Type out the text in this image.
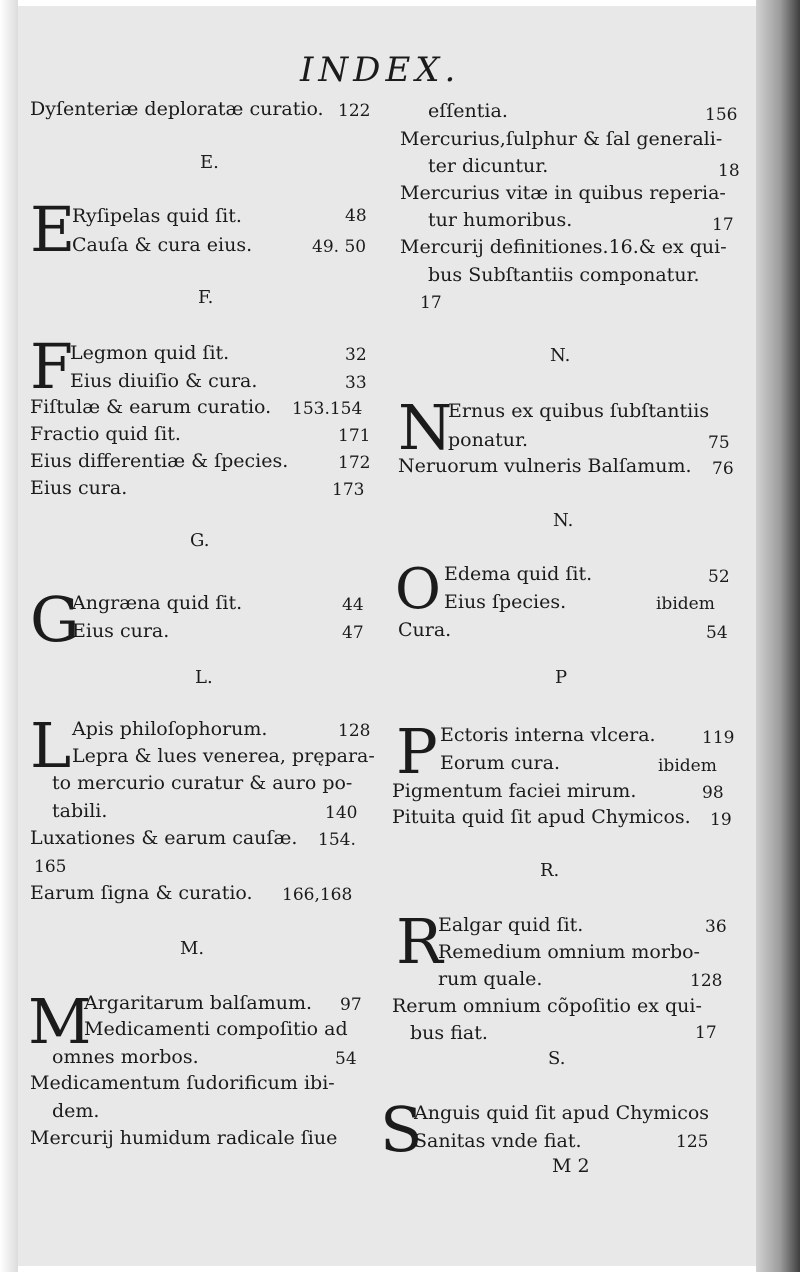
INDEX.
Dyſenteriæ deploratæ curatio. 122
E.
E
Ryſipelas quid ſit.	48
Cauſa & cura eius.	49. 50
F.
F
Legmon quid ſit.	32
Eius diuiſio & cura.	33
Fiſtulæ & earum curatio. 153.154
Fractio quid ſit.	171
Eius differentiæ & ſpecies.	172
Eius cura.	173
G.
G
Angræna quid ſit.	44
Eius cura.	47
L.
L Apis philoſophorum.	128
Lepra & lues venerea, prępara-
to mercurio curatur & auro po-
tabili.	140
Luxationes & earum cauſæ. 154.
165
Earum ſigna & curatio. 166,168
M.
M
Argaritarum balſamum. 97
Medicamenti compoſitio ad
omnes morbos.	54
Medicamentum ſudorificum ibi-
dem.
Mercurij humidum radicale ſiue
eſſentia.	156
Mercurius,ſulphur & ſal generali-
ter dicuntur.	18
Mercurius vitæ in quibus reperia-
tur humoribus.	17
Mercurij definitiones.16.& ex qui-
bus Subſtantiis componatur.
17
N.
N
Ernus ex quibus ſubſtantiis
ponatur.	75
Neruorum vulneris Balſamum. 76
N.
O Edema quid ſit.	52
Eius ſpecies.	ibidem
Cura.	54
P
P Ectoris interna vlcera.	119
Eorum cura.	ibidem
Pigmentum faciei mirum.	98
Pituita quid ſit apud Chymicos. 19
R.
R
Ealgar quid ſit.	36
Remedium omnium morbo-
rum quale.	128
Rerum omnium cõpoſitio ex qui-
bus fiat.	17
S.
S
Anguis quid ſit apud Chymicos
Sanitas vnde fiat.	125
M 2
